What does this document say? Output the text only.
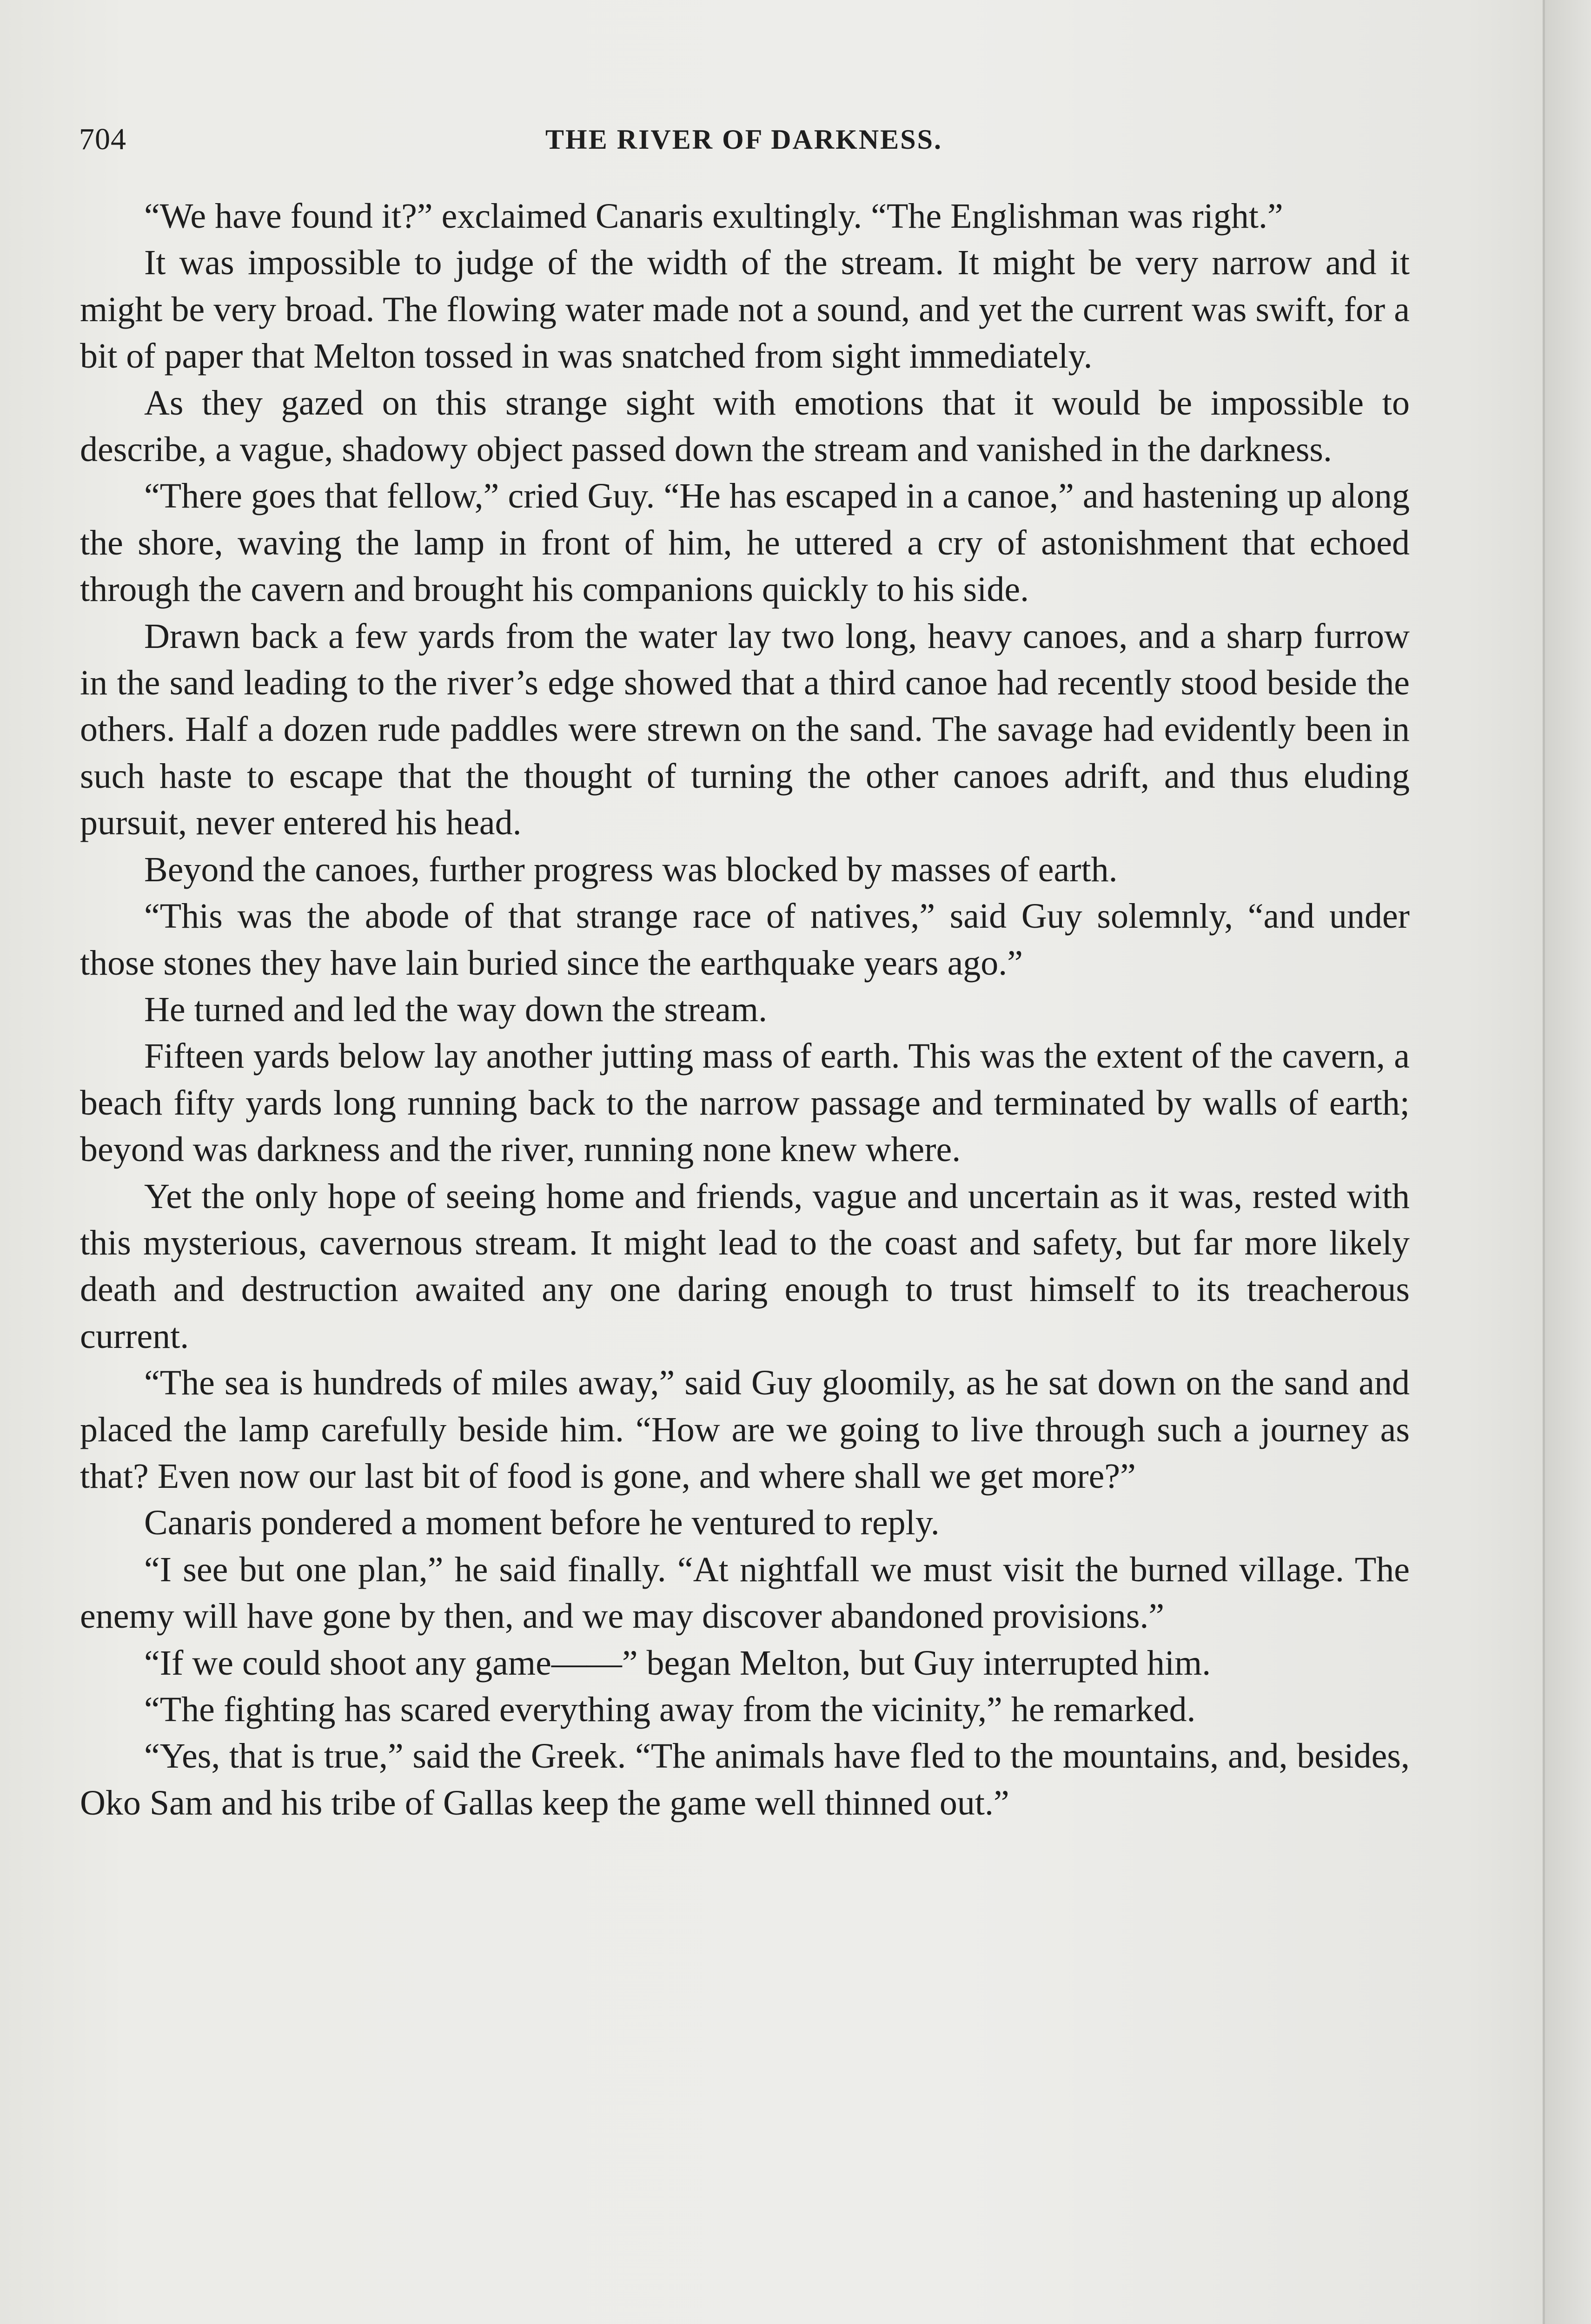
704	THE RIVER OF DARKNESS.

“We have found it?” exclaimed Canaris exultingly. “The Englishman was right.”

It was impossible to judge of the width of the stream. It might be very narrow and it might be very broad. The flowing water made not a sound, and yet the current was swift, for a bit of paper that Melton tossed in was snatched from sight immediately.

As they gazed on this strange sight with emotions that it would be impossible to describe, a vague, shadowy object passed down the stream and vanished in the darkness.

“There goes that fellow,” cried Guy. “He has escaped in a canoe,” and hastening up along the shore, waving the lamp in front of him, he uttered a cry of astonishment that echoed through the cavern and brought his companions quickly to his side.

Drawn back a few yards from the water lay two long, heavy canoes, and a sharp furrow in the sand leading to the river’s edge showed that a third canoe had recently stood beside the others. Half a dozen rude paddles were strewn on the sand. The savage had evidently been in such haste to escape that the thought of turning the other canoes adrift, and thus eluding pursuit, never entered his head.

Beyond the canoes, further progress was blocked by masses of earth.

“This was the abode of that strange race of natives,” said Guy solemnly, “and under those stones they have lain buried since the earthquake years ago.”

He turned and led the way down the stream.

Fifteen yards below lay another jutting mass of earth. This was the extent of the cavern, a beach fifty yards long running back to the narrow passage and terminated by walls of earth; beyond was darkness and the river, running none knew where.

Yet the only hope of seeing home and friends, vague and uncertain as it was, rested with this mysterious, cavernous stream. It might lead to the coast and safety, but far more likely death and destruction awaited any one daring enough to trust himself to its treacherous current.

“The sea is hundreds of miles away,” said Guy gloomily, as he sat down on the sand and placed the lamp carefully beside him. “How are we going to live through such a journey as that? Even now our last bit of food is gone, and where shall we get more?”

Canaris pondered a moment before he ventured to reply.

“I see but one plan,” he said finally. “At nightfall we must visit the burned village. The enemy will have gone by then, and we may discover abandoned provisions.”

“If we could shoot any game——” began Melton, but Guy interrupted him.

“The fighting has scared everything away from the vicinity,” he remarked.

“Yes, that is true,” said the Greek. “The animals have fled to the mountains, and, besides, Oko Sam and his tribe of Gallas keep the game well thinned out.”
